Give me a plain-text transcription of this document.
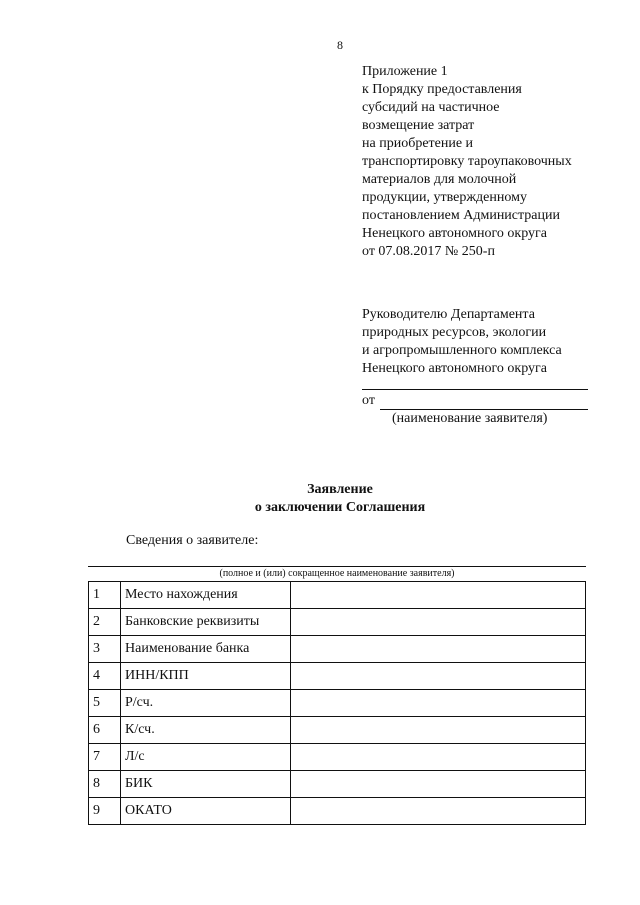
8
Приложение 1
к Порядку предоставления
субсидий на частичное
возмещение затрат
на приобретение и
транспортировку тароупаковочных
материалов для молочной
продукции, утвержденному
постановлением Администрации
Ненецкого автономного округа
от 07.08.2017 № 250-п
Руководителю Департамента
природных ресурсов, экологии
и агропромышленного комплекса
Ненецкого автономного округа
от
(наименование заявителя)
Заявление
о заключении Соглашения
Сведения о заявителе:
(полное и (или) сокращенное наименование заявителя)
1	Место нахождения	
2	Банковские реквизиты	
3	Наименование банка	
4	ИНН/КПП	
5	Р/сч.	
6	К/сч.	
7	Л/с	
8	БИК	
9	ОКАТО	
